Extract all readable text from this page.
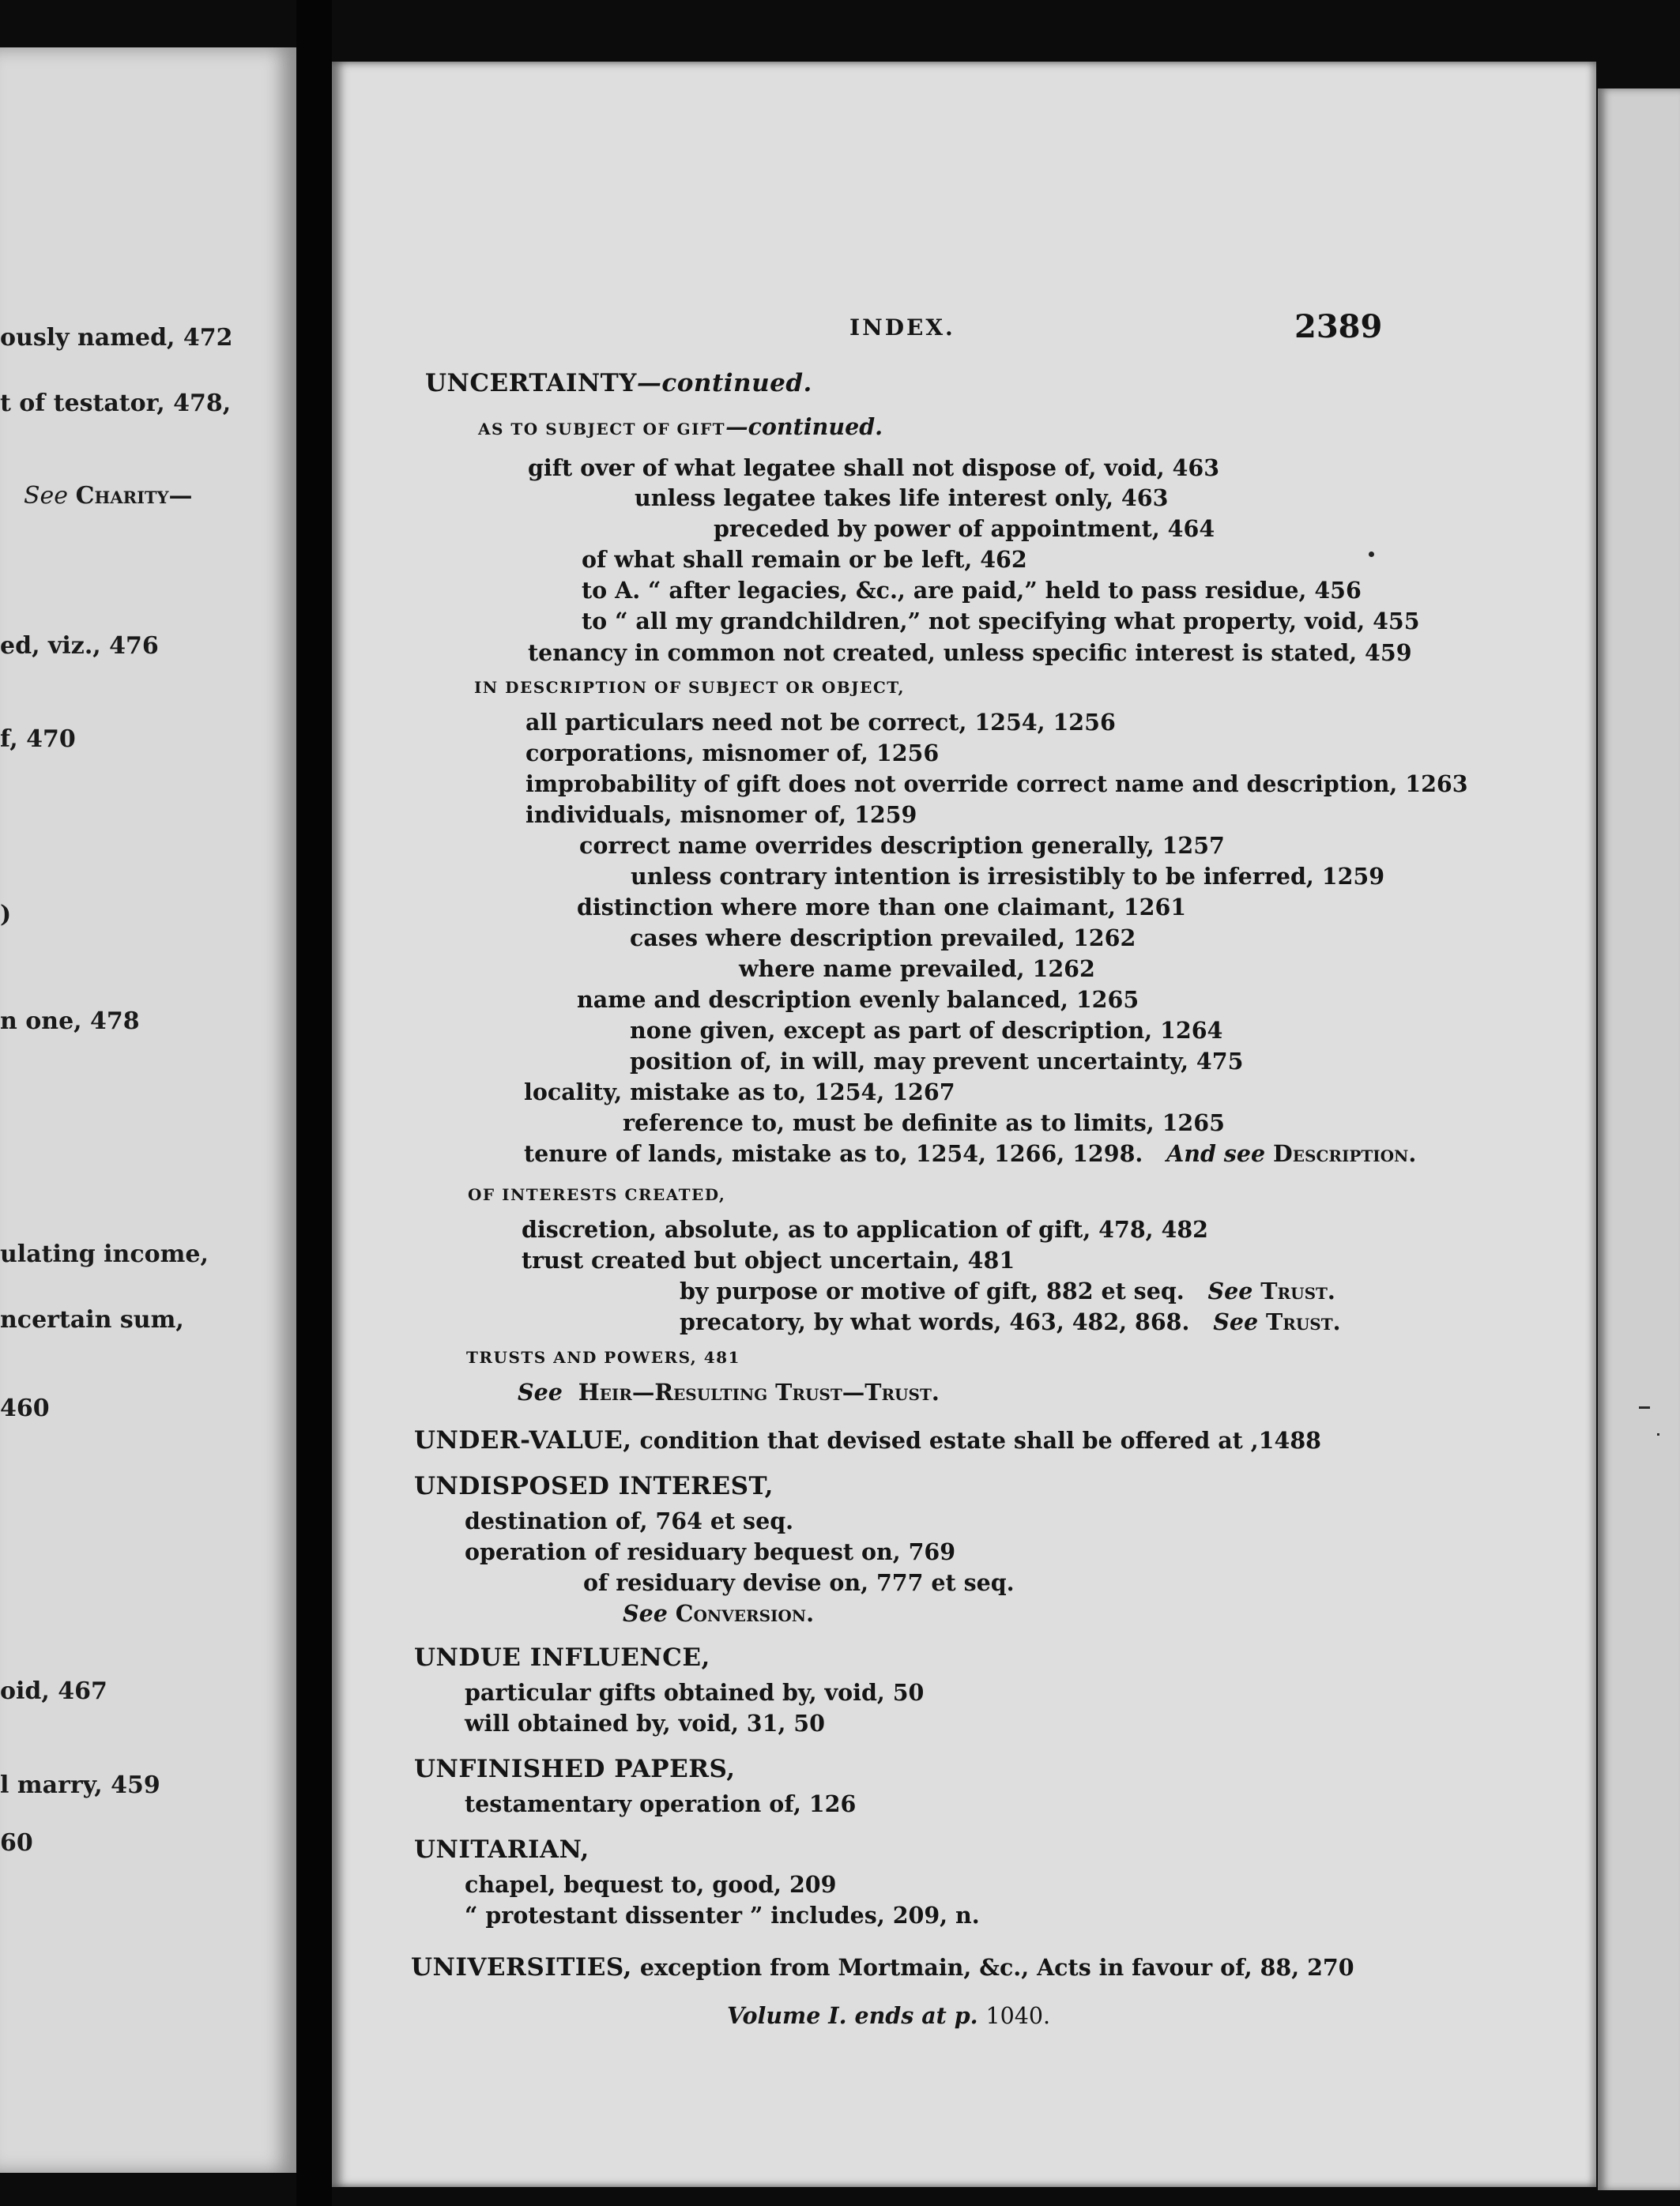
ously named, 472
t of testator, 478,
See Charity—
ed, viz., 476
f, 470
)
n one, 478
ulating income,
ncertain sum,
460
oid, 467
l marry, 459
60
INDEX.	2389
UNCERTAINTY—continued.
AS TO SUBJECT OF GIFT—continued.
gift over of what legatee shall not dispose of, void, 463
unless legatee takes life interest only, 463
preceded by power of appointment, 464
of what shall remain or be left, 462
to A. “ after legacies, &c., are paid,” held to pass residue, 456
to “ all my grandchildren,” not specifying what property, void, 455
tenancy in common not created, unless specific interest is stated, 459
IN DESCRIPTION OF SUBJECT OR OBJECT,
all particulars need not be correct, 1254, 1256
corporations, misnomer of, 1256
improbability of gift does not override correct name and description, 1263
individuals, misnomer of, 1259
correct name overrides description generally, 1257
unless contrary intention is irresistibly to be inferred, 1259
distinction where more than one claimant, 1261
cases where description prevailed, 1262
where name prevailed, 1262
name and description evenly balanced, 1265
none given, except as part of description, 1264
position of, in will, may prevent uncertainty, 475
locality, mistake as to, 1254, 1267
reference to, must be definite as to limits, 1265
tenure of lands, mistake as to, 1254, 1266, 1298. And see Description.
OF INTERESTS CREATED,
discretion, absolute, as to application of gift, 478, 482
trust created but object uncertain, 481
by purpose or motive of gift, 882 et seq. See Trust.
precatory, by what words, 463, 482, 868. See Trust.
TRUSTS AND POWERS, 481
See Heir—Resulting Trust—Trust.
UNDER-VALUE, condition that devised estate shall be offered at ,1488
UNDISPOSED INTEREST,
destination of, 764 et seq.
operation of residuary bequest on, 769
of residuary devise on, 777 et seq.
See Conversion.
UNDUE INFLUENCE,
particular gifts obtained by, void, 50
will obtained by, void, 31, 50
UNFINISHED PAPERS,
testamentary operation of, 126
UNITARIAN,
chapel, bequest to, good, 209
“ protestant dissenter ” includes, 209, n.
UNIVERSITIES, exception from Mortmain, &c., Acts in favour of, 88, 270
Volume I. ends at p. 1040.
